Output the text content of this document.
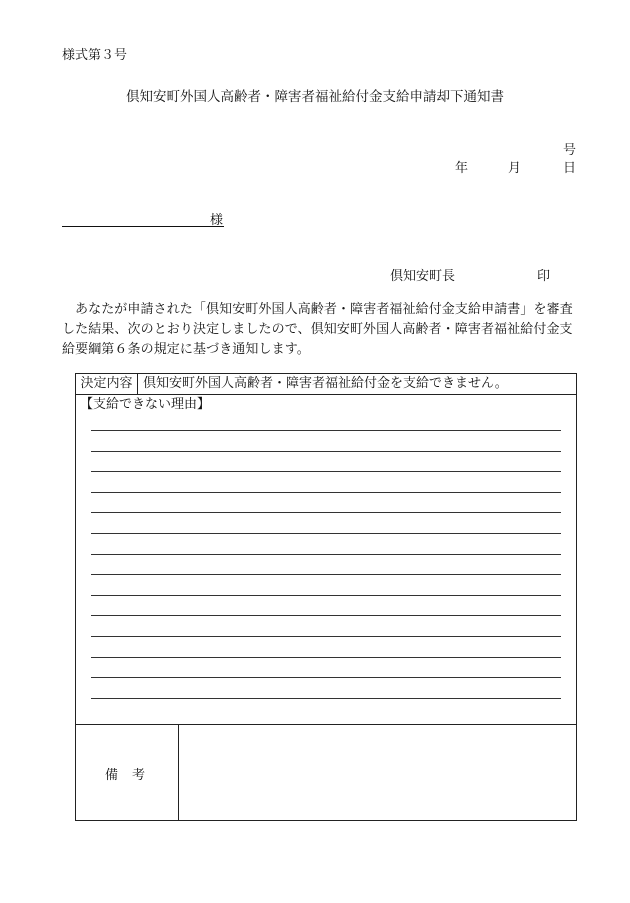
様式第３号
倶知安町外国人高齢者・障害者福祉給付金支給申請却下通知書
号
年	月	日
様
倶知安町長	印
あなたが申請された「倶知安町外国人高齢者・障害者福祉給付金支給申請書」を審査した結果、次のとおり決定しましたので、倶知安町外国人高齢者・障害者福祉給付金支給要綱第６条の規定に基づき通知します。
決定内容 倶知安町外国人高齢者・障害者福祉給付金を支給できません。
【支給できない理由】
備考
